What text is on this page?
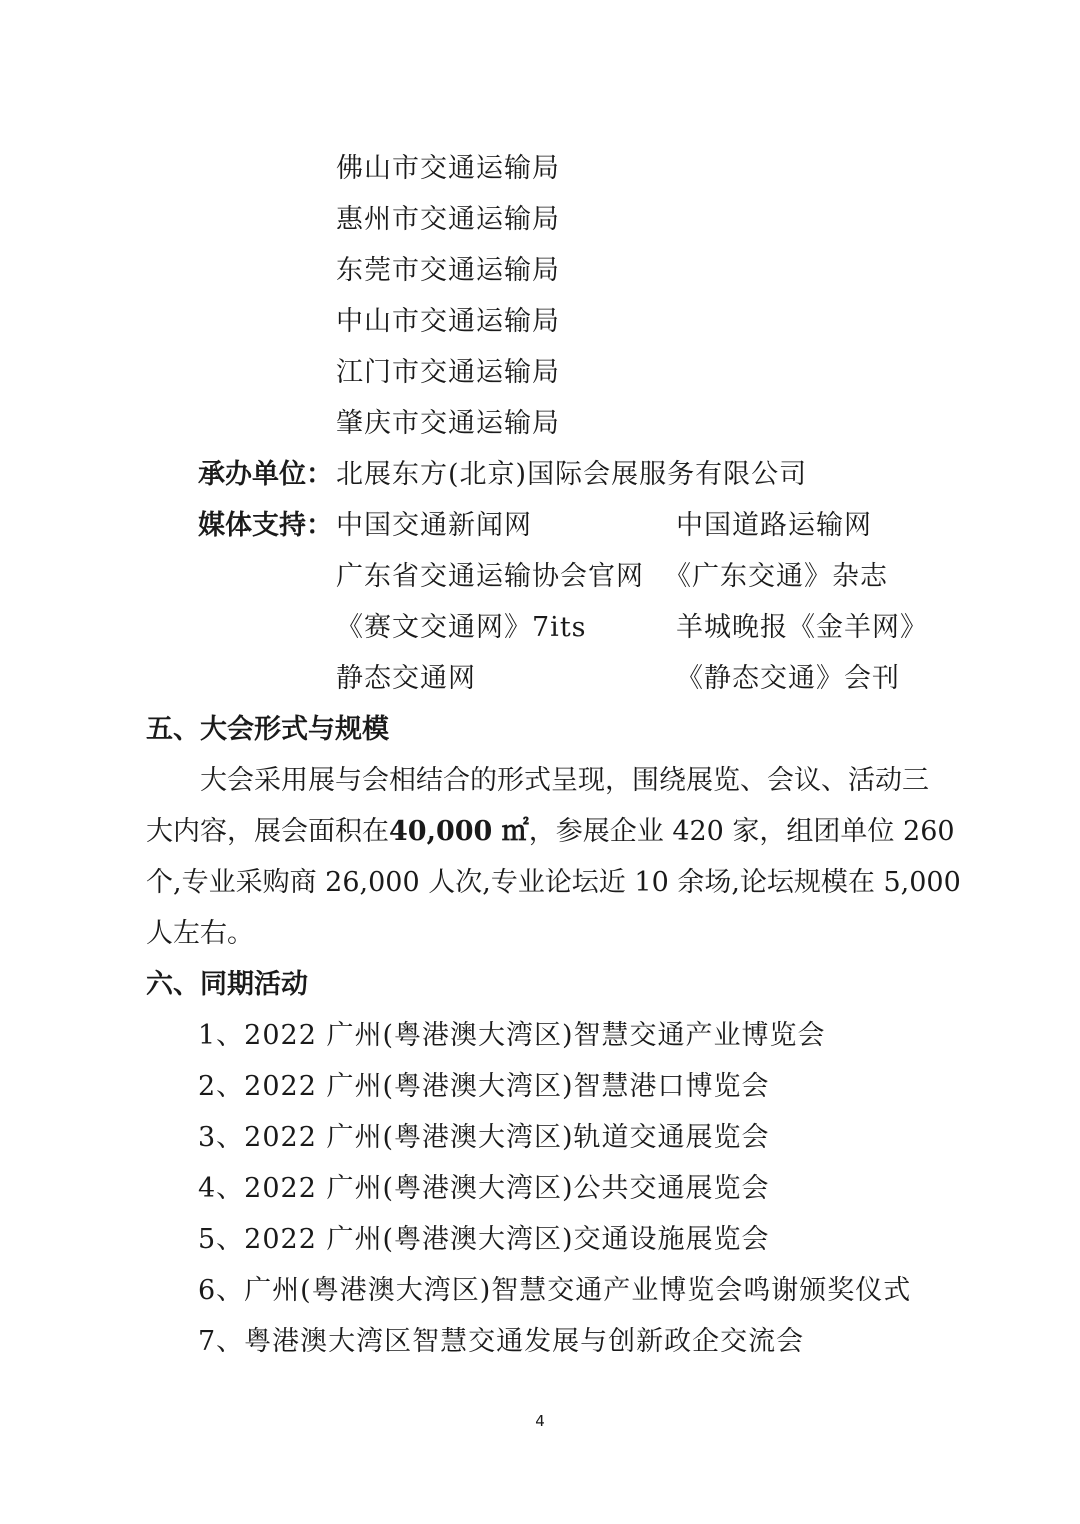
佛山市交通运输局
惠州市交通运输局
东莞市交通运输局
中山市交通运输局
江门市交通运输局
肇庆市交通运输局
承办单位： 北展东方(北京)国际会展服务有限公司
媒体支持： 中国交通新闻网	中国道路运输网
广东省交通运输协会官网 《广东交通》杂志
《赛文交通网》7its	羊城晚报《金羊网》
静态交通网	《静态交通》会刊
五、大会形式与规模
大会采用展与会相结合的形式呈现，围绕展览、会议、活动三
大内容，展会面积在40,000 ㎡，参展企业 420 家，组团单位 260
个,专业采购商 26,000 人次,专业论坛近 10 余场,论坛规模在 5,000
人左右。
六、同期活动
1、2022 广州(粤港澳大湾区)智慧交通产业博览会
2、2022 广州(粤港澳大湾区)智慧港口博览会
3、2022 广州(粤港澳大湾区)轨道交通展览会
4、2022 广州(粤港澳大湾区)公共交通展览会
5、2022 广州(粤港澳大湾区)交通设施展览会
6、广州(粤港澳大湾区)智慧交通产业博览会鸣谢颁奖仪式
7、粤港澳大湾区智慧交通发展与创新政企交流会
4
